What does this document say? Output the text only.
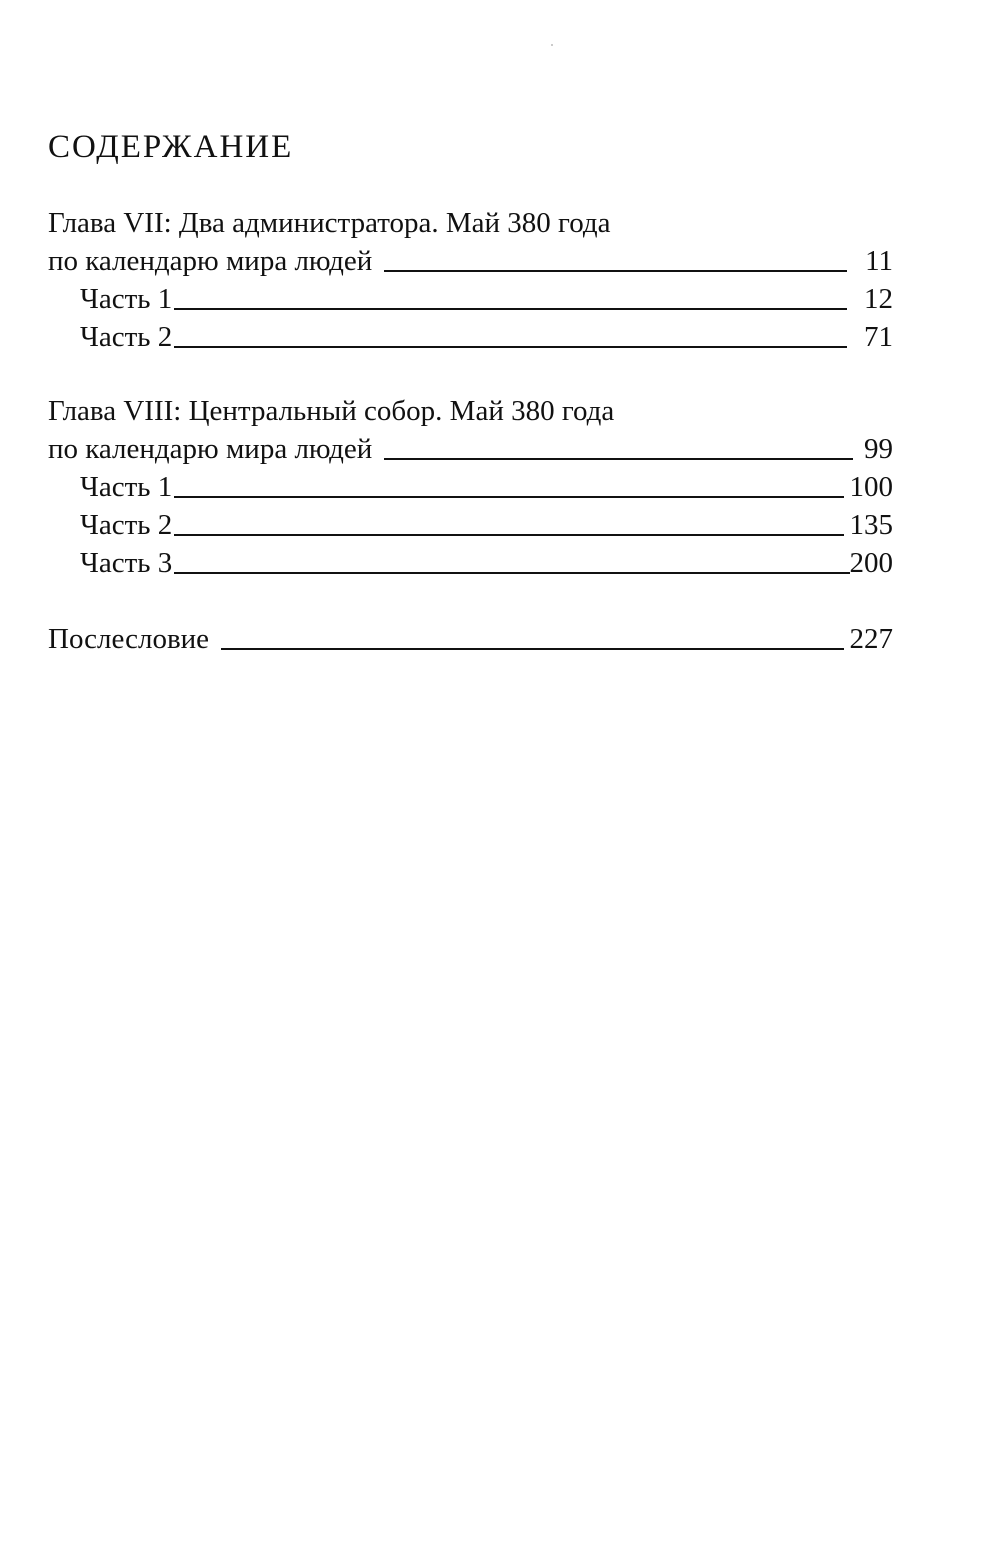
СОДЕРЖАНИЕ
Глава VII: Два администратора. Май 380 года
по календарю мира людей	11
Часть 1	12
Часть 2	71
Глава VIII: Центральный собор. Май 380 года
по календарю мира людей	99
Часть 1	100
Часть 2	135
Часть 3	200
Послесловие	227
